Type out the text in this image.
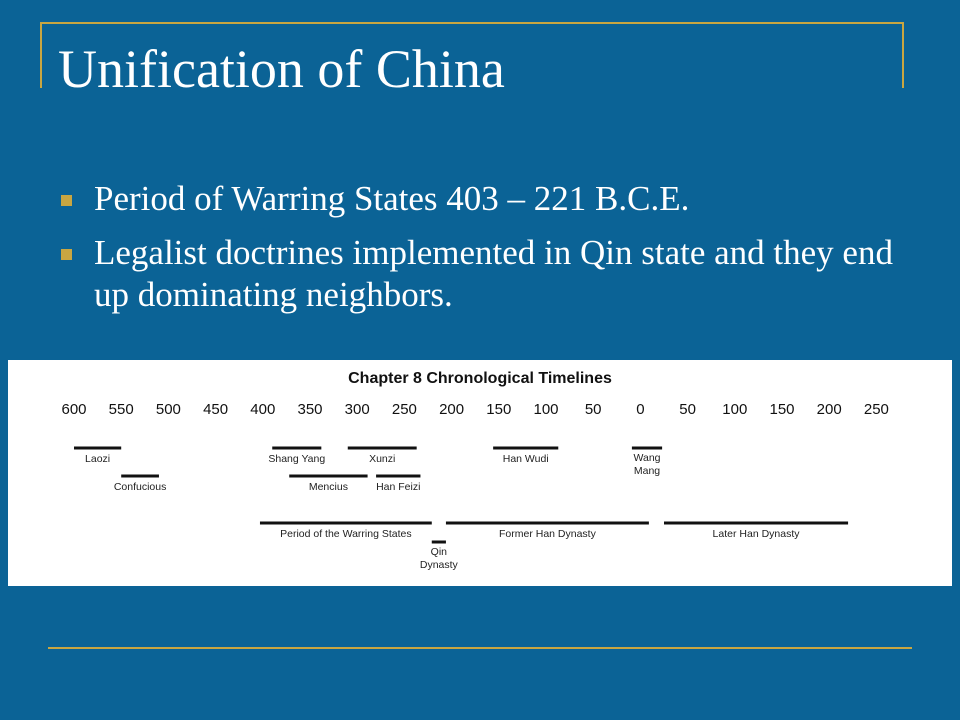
Unification of China
Period of Warring States 403 – 221 B.C.E.
Legalist doctrines implemented in Qin state and they end up dominating neighbors.
Chapter 8 Chronological Timelines
600 550 500 450 400 350 300 250 200 150 100 50 0 50 100 150 200 250
Laozi
Confucious
Shang Yang
Mencius
Xunzi
Han Feizi
Han Wudi	Wang Mang
Period of the Warring States
Qin Dynasty
Former Han Dynasty	Later Han Dynasty
